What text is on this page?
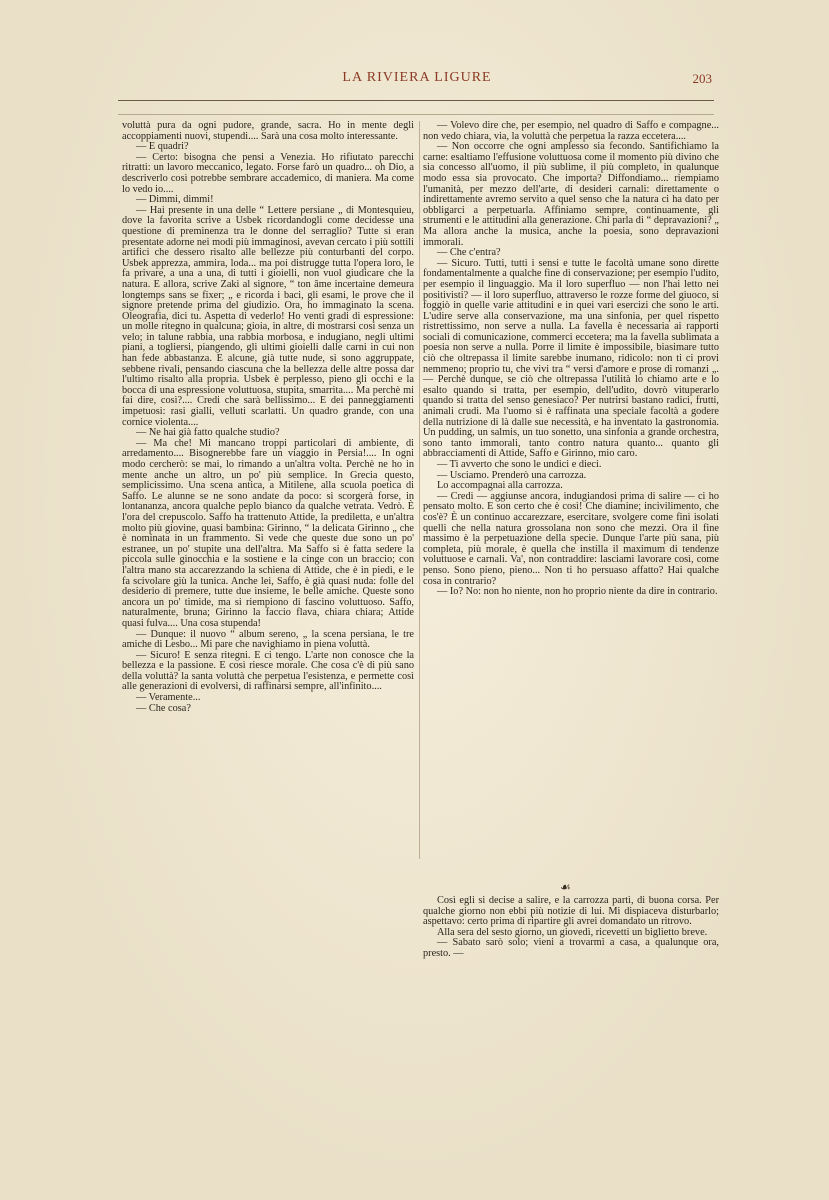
LA RIVIERA LIGURE	203

voluttà pura da ogni pudore, grande, sacra. Ho in mente degli accoppiamenti nuovi, stupendi.... Sarà una cosa molto interessante.

— E quadri?

— Certo: bisogna che pensi a Venezia. Ho rifiutato parecchi ritratti: un lavoro meccanico, legato. Forse farò un quadro... oh Dio, a descriverlo così potrebbe sembrare accademico, di maniera. Ma come lo vedo io....

— Dimmi, dimmi!

— Hai presente in una delle “ Lettere persiane „ di Montesquieu, dove la favorita scrive a Usbek ricordandogli come decidesse una questione di preminenza tra le donne del serraglio? Tutte si eran presentate adorne nei modi più immaginosi, avevan cercato i più sottili artifici che dessero risalto alle bellezze più conturbanti del corpo. Usbek apprezza, ammira, loda... ma poi distrugge tutta l'opera loro, le fa privare, a una a una, di tutti i gioielli, non vuol giudicare che la natura. E allora, scrive Zaki al signore, “ ton âme incertaine demeura longtemps sans se fixer; „ e ricorda i baci, gli esami, le prove che il signore pretende prima del giudizio. Ora, ho immaginato la scena. Oleografia, dici tu. Aspetta di vederlo! Ho venti gradi di espressione: un molle ritegno in qualcuna; gioia, in altre, di mostrarsi così senza un velo; in talune rabbia, una rabbia morbosa, e indugiano, negli ultimi piani, a togliersi, piangendo, gli ultimi gioielli dalle carni in cui non han fede abbastanza. E alcune, già tutte nude, si sono aggruppate, sebbene rivali, pensando ciascuna che la bellezza delle altre possa dar l'ultimo risalto alla propria. Usbek è perplesso, pieno gli occhi e la bocca di una espressione voluttuosa, stupita, smarrita.... Ma perchè mi fai dire, così?.... Credi che sarà bellissimo... E dei panneggiamenti impetuosi: rasi gialli, velluti scarlatti. Un quadro grande, con una cornice violenta....

— Ne hai già fatto qualche studio?

— Ma che! Mi mancano troppi particolari di ambiente, di arredamento.... Bisognerebbe fare un viaggio in Persia!.... In ogni modo cercherò: se mai, lo rimando a un'altra volta. Perchè ne ho in mente anche un altro, un po' più semplice. In Grecia questo, semplicissimo. Una scena antica, a Mitilene, alla scuola poetica di Saffo. Le alunne se ne sono andate da poco: si scorgerà forse, in lontananza, ancora qualche peplo bianco da qualche vetrata. Vedrò. È l'ora del crepuscolo. Saffo ha trattenuto Attide, la prediletta, e un'altra molto più giovine, quasi bambina: Girinno, “ la delicata Girinno „ che è nominata in un frammento. Si vede che queste due sono un po' estranee, un po' stupite una dell'altra. Ma Saffo si è fatta sedere la piccola sulle ginocchia e la sostiene e la cinge con un braccio; con l'altra mano sta accarezzando la schiena di Attide, che è in piedi, e le fa scivolare giù la tunica. Anche lei, Saffo, è già quasi nuda: folle del desiderio di premere, tutte due insieme, le belle amiche. Queste sono ancora un po' timide, ma si riempiono di fascino voluttuoso. Saffo, naturalmente, bruna; Girinno la faccio flava, chiara chiara; Attide quasi fulva.... Una cosa stupenda!

— Dunque: il nuovo “ album sereno, „ la scena persiana, le tre amiche di Lesbo... Mi pare che navighiamo in piena voluttà.

— Sicuro! E senza ritegni. E ci tengo. L'arte non conosce che la bellezza e la passione. E così riesce morale. Che cosa c'è di più sano della voluttà? la santa voluttà che perpetua l'esistenza, e permette così alle generazioni di evolversi, di raffinarsi sempre, all'infinito....

— Veramente...

— Che cosa?

— Volevo dire che, per esempio, nel quadro di Saffo e compagne... non vedo chiara, via, la voluttà che perpetua la razza eccetera....

— Non occorre che ogni amplesso sia fecondo. Santifichiamo la carne: esaltiamo l'effusione voluttuosa come il momento più divino che sia concesso all'uomo, il più sublime, il più completo, in qualunque modo essa sia provocato. Che importa? Diffondiamo... riempiamo l'umanità, per mezzo dell'arte, di desideri carnali: direttamente o indirettamente avremo servito a quel senso che la natura ci ha dato per obbligarci a perpetuarla. Affiniamo sempre, continuamente, gli strumenti e le attitudini alla generazione. Chi parla di “ depravazioni? „ Ma allora anche la musica, anche la poesia, sono depravazioni immorali.

— Che c'entra?

— Sicuro. Tutti, tutti i sensi e tutte le facoltà umane sono dirette fondamentalmente a qualche fine di conservazione; per esempio l'udito, per esempio il linguaggio. Ma il loro superfluo — non l'hai letto nei positivisti? — il loro superfluo, attraverso le rozze forme del giuoco, si foggiò in quelle varie attitudini e in quei vari esercizi che sono le arti. L'udire serve alla conservazione, ma una sinfonia, per quel rispetto ristrettissimo, non serve a nulla. La favella è necessaria ai rapporti sociali di comunicazione, commerci eccetera; ma la favella sublimata a poesia non serve a nulla. Porre il limite è impossibile, biasimare tutto ciò che oltrepassa il limite sarebbe inumano, ridicolo: non ti ci provi nemmeno; proprio tu, che vivi tra “ versi d'amore e prose di romanzi „. — Perchè dunque, se ciò che oltrepassa l'utilità lo chiamo arte e lo esalto quando si tratta, per esempio, dell'udito, dovrò vituperarlo quando si tratta del senso genesiaco? Per nutrirsi bastano radici, frutti, animali crudi. Ma l'uomo si è raffinata una speciale facoltà a godere della nutrizione di là dalle sue necessità, e ha inventato la gastronomia. Un pudding, un salmis, un tuo sonetto, una sinfonia a grande orchestra, sono tanto immorali, tanto contro natura quanto... quanto gli abbracciamenti di Attide, Saffo e Girinno, mio caro.

— Ti avverto che sono le undici e dieci.

— Usciamo. Prenderò una carrozza.

Lo accompagnai alla carrozza.

— Credi — aggiunse ancora, indugiandosi prima di salire — ci ho pensato molto. E son certo che è così! Che diamine; incivilimento, che cos'è? È un continuo accarezzare, esercitare, svolgere come fini isolati quelli che nella natura grossolana non sono che mezzi. Ora il fine massimo è la perpetuazione della specie. Dunque l'arte più sana, più completa, più morale, è quella che instilla il maximum di tendenze voluttuose e carnali. Va', non contraddire: lasciami lavorare così, come penso. Sono pieno, pieno... Non ti ho persuaso affatto? Hai qualche cosa in contrario?

— Io? No: non ho niente, non ho proprio niente da dire in contrario.

☙

Così egli si decise a salire, e la carrozza partì, di buona corsa. Per qualche giorno non ebbi più notizie di lui. Mi dispiaceva disturbarlo; aspettavo: certo prima di ripartire gli avrei domandato un ritrovo.

Alla sera del sesto giorno, un giovedì, ricevetti un biglietto breve.

— Sabato sarò solo; vieni a trovarmi a casa, a qualunque ora, presto. —
